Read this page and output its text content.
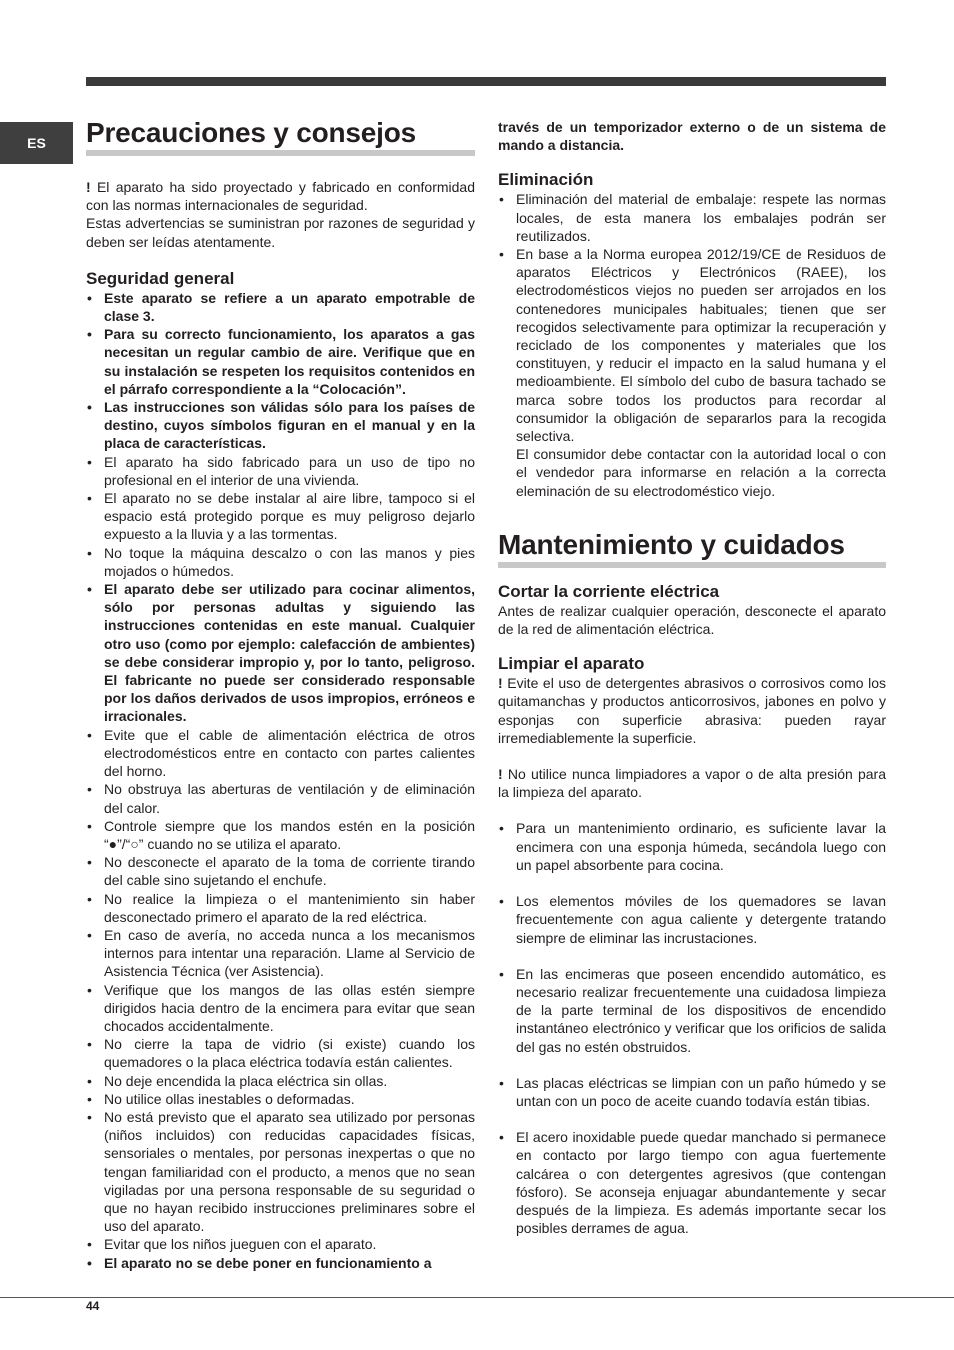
ES	Precauciones y consejos

! El aparato ha sido proyectado y fabricado en conformidad con las normas internacionales de seguridad.

Estas advertencias se suministran por razones de seguridad y deben ser leídas atentamente.

Seguridad general
• Este aparato se refiere a un aparato empotrable de clase 3.
• Para su correcto funcionamiento, los aparatos a gas necesitan un regular cambio de aire. Verifique que en su instalación se respeten los requisitos contenidos en el párrafo correspondiente a la “Colocación”.
• Las instrucciones son válidas sólo para los países de destino, cuyos símbolos figuran en el manual y en la placa de características.
• El aparato ha sido fabricado para un uso de tipo no profesional en el interior de una vivienda.
• El aparato no se debe instalar al aire libre, tampoco si el espacio está protegido porque es muy peligroso dejarlo expuesto a la lluvia y a las tormentas.
• No toque la máquina descalzo o con las manos y pies mojados o húmedos.
• El aparato debe ser utilizado para cocinar alimentos, sólo por personas adultas y siguiendo las instrucciones contenidas en este manual. Cualquier otro uso (como por ejemplo: calefacción de ambientes) se debe considerar impropio y, por lo tanto, peligroso. El fabricante no puede ser considerado responsable por los daños derivados de usos impropios, erróneos e irracionales.
• Evite que el cable de alimentación eléctrica de otros electrodomésticos entre en contacto con partes calientes del horno.
• No obstruya las aberturas de ventilación y de eliminación del calor.
• Controle siempre que los mandos estén en la posición “●”/“○” cuando no se utiliza el aparato.
• No desconecte el aparato de la toma de corriente tirando del cable sino sujetando el enchufe.
• No realice la limpieza o el mantenimiento sin haber desconectado primero el aparato de la red eléctrica.
• En caso de avería, no acceda nunca a los mecanismos internos para intentar una reparación. Llame al Servicio de Asistencia Técnica (ver Asistencia).
• Verifique que los mangos de las ollas estén siempre dirigidos hacia dentro de la encimera para evitar que sean chocados accidentalmente.
• No cierre la tapa de vidrio (si existe) cuando los quemadores o la placa eléctrica todavía están calientes.
• No deje encendida la placa eléctrica sin ollas.
• No utilice ollas inestables o deformadas.
• No está previsto que el aparato sea utilizado por personas (niños incluidos) con reducidas capacidades físicas, sensoriales o mentales, por personas inexpertas o que no tengan familiaridad con el producto, a menos que no sean vigiladas por una persona responsable de su seguridad o que no hayan recibido instrucciones preliminares sobre el uso del aparato.
• Evitar que los niños jueguen con el aparato.
• El aparato no se debe poner en funcionamiento a

través de un temporizador externo o de un sistema de mando a distancia.

Eliminación
• Eliminación del material de embalaje: respete las normas locales, de esta manera los embalajes podrán ser reutilizados.
• En base a la Norma europea 2012/19/CE de Residuos de aparatos Eléctricos y Electrónicos (RAEE), los electrodomésticos viejos no pueden ser arrojados en los contenedores municipales habituales; tienen que ser recogidos selectivamente para optimizar la recuperación y reciclado de los componentes y materiales que los constituyen, y reducir el impacto en la salud humana y el medioambiente. El símbolo del cubo de basura tachado se marca sobre todos los productos para recordar al consumidor la obligación de separarlos para la recogida selectiva.

El consumidor debe contactar con la autoridad local o con el vendedor para informarse en relación a la correcta eleminación de su electrodoméstico viejo.

Mantenimiento y cuidados
Cortar la corriente eléctrica

Antes de realizar cualquier operación, desconecte el aparato de la red de alimentación eléctrica.

Limpiar el aparato

! Evite el uso de detergentes abrasivos o corrosivos como los quitamanchas y productos anticorrosivos, jabones en polvo y esponjas con superficie abrasiva: pueden rayar irremediablemente la superficie.

! No utilice nunca limpiadores a vapor o de alta presión para la limpieza del aparato.

• Para un mantenimiento ordinario, es suficiente lavar la encimera con una esponja húmeda, secándola luego con un papel absorbente para cocina.
• Los elementos móviles de los quemadores se lavan frecuentemente con agua caliente y detergente tratando siempre de eliminar las incrustaciones.
• En las encimeras que poseen encendido automático, es necesario realizar frecuentemente una cuidadosa limpieza de la parte terminal de los dispositivos de encendido instantáneo electrónico y verificar que los orificios de salida del gas no estén obstruidos.
• Las placas eléctricas se limpian con un paño húmedo y se untan con un poco de aceite cuando todavía están tibias.
• El acero inoxidable puede quedar manchado si permanece en contacto por largo tiempo con agua fuertemente calcárea o con detergentes agresivos (que contengan fósforo). Se aconseja enjuagar abundantemente y secar después de la limpieza. Es además importante secar los posibles derrames de agua.
44
